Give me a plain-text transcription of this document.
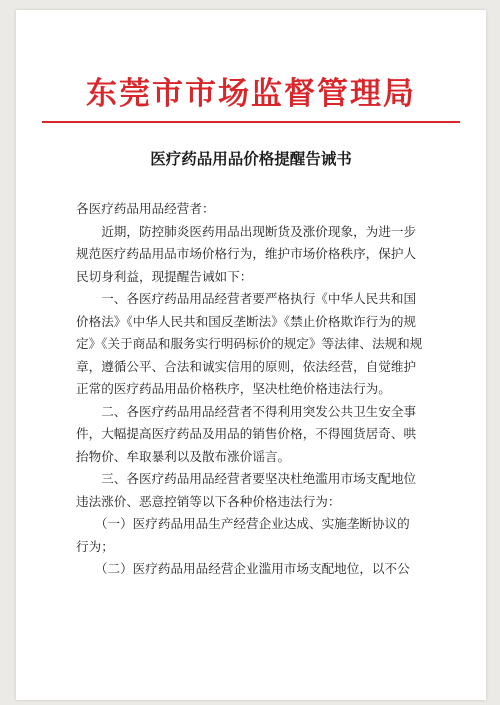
东莞市市场监督管理局
医疗药品用品价格提醒告诫书
各医疗药品用品经营者：
　　近期，防控肺炎医药用品出现断货及涨价现象，为进一步
规范医疗药品用品市场价格行为，维护市场价格秩序，保护人
民切身利益，现提醒告诫如下：
　　一、各医疗药品用品经营者要严格执行《中华人民共和国
价格法》《中华人民共和国反垄断法》《禁止价格欺诈行为的规
定》《关于商品和服务实行明码标价的规定》等法律、法规和规
章，遵循公平、合法和诚实信用的原则，依法经营，自觉维护
正常的医疗药品用品价格秩序，坚决杜绝价格违法行为。
　　二、各医疗药品用品经营者不得利用突发公共卫生安全事
件，大幅提高医疗药品及用品的销售价格，不得囤货居奇、哄
抬物价、牟取暴利以及散布涨价谣言。
　　三、各医疗药品用品经营者要坚决杜绝滥用市场支配地位
违法涨价、恶意控销等以下各种价格违法行为：
　　（一）医疗药品用品生产经营企业达成、实施垄断协议的
行为；
　　（二）医疗药品用品经营企业滥用市场支配地位，以不公
